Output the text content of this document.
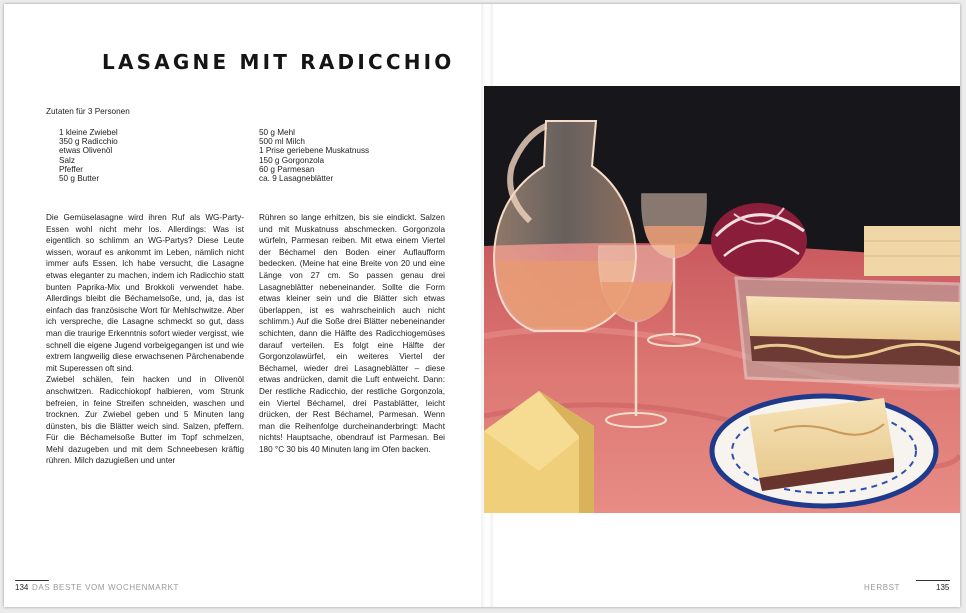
LASAGNE MIT RADICCHIO
Zutaten für 3 Personen
1 kleine Zwiebel
350 g Radicchio
etwas Olivenöl
Salz
Pfeffer
50 g Butter
50 g Mehl
500 ml Milch
1 Prise geriebene Muskatnuss
150 g Gorgonzola
60 g Parmesan
ca. 9 Lasagneblätter

Die Gemüselasagne wird ihren Ruf als WG-Party-Essen wohl nicht mehr los. Allerdings: Was ist eigentlich so schlimm an WG-Partys? Diese Leute wissen, worauf es ankommt im Leben, nämlich nicht immer aufs Essen. Ich habe versucht, die Lasagne etwas eleganter zu machen, indem ich Radicchio statt bunten Paprika-Mix und Brokkoli verwendet habe. Allerdings bleibt die Béchamelsoße, und, ja, das ist einfach das französische Wort für Mehlschwitze. Aber ich verspreche, die Lasagne schmeckt so gut, dass man die traurige Erkenntnis sofort wieder vergisst, wie schnell die eigene Jugend vorbeigegangen ist und wie extrem langweilig diese erwachsenen Pärchenabende mit Superessen oft sind.

Zwiebel schälen, fein hacken und in Olivenöl anschwitzen. Radicchiokopf halbieren, vom Strunk befreien, in feine Streifen schneiden, waschen und trocknen. Zur Zwiebel geben und 5 Minuten lang dünsten, bis die Blätter weich sind. Salzen, pfeffern. Für die Béchamelsoße Butter im Topf schmelzen, Mehl dazugeben und mit dem Schneebesen kräftig rühren. Milch dazugießen und unter

Rühren so lange erhitzen, bis sie eindickt. Salzen und mit Muskatnuss abschmecken. Gorgonzola würfeln, Parmesan reiben. Mit etwa einem Viertel der Béchamel den Boden einer Auflaufform bedecken. (Meine hat eine Breite von 20 und eine Länge von 27 cm. So passen genau drei Lasagneblätter nebeneinander. Sollte die Form etwas kleiner sein und die Blätter sich etwas überlappen, ist es wahrscheinlich auch nicht schlimm.) Auf die Soße drei Blätter nebeneinander schichten, dann die Hälfte des Radicchiogemüses darauf verteilen. Es folgt eine Hälfte der Gorgonzolawürfel, ein weiteres Viertel der Béchamel, wieder drei Lasagneblätter – diese etwas andrücken, damit die Luft entweicht. Dann: Der restliche Radicchio, der restliche Gorgonzola, ein Viertel Béchamel, drei Pastablätter, leicht drücken, der Rest Béchamel, Parmesan. Wenn man die Reihenfolge durcheinanderbringt: Macht nichts! Hauptsache, obendrauf ist Parmesan. Bei 180 °C 30 bis 40 Minuten lang im Ofen backen.

134 DAS BESTE VOM WOCHENMARKT	HERBST	135
